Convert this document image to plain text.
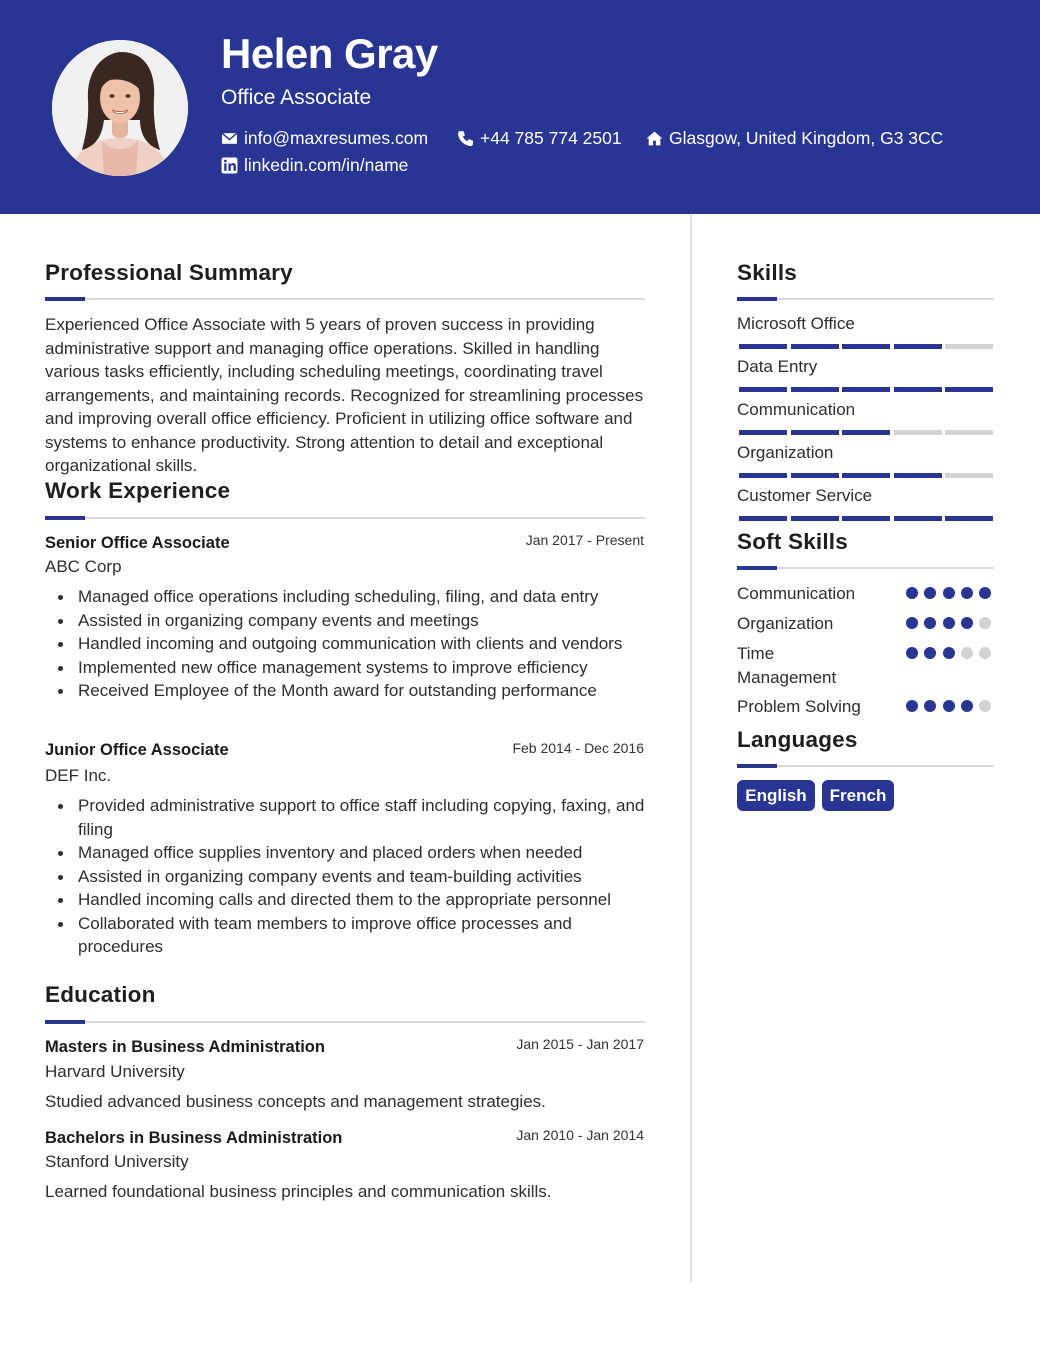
Helen Gray
Office Associate
info@maxresumes.com	+44 785 774 2501	Glasgow, United Kingdom, G3 3CC
linkedin.com/in/name
Professional Summary
Experienced Office Associate with 5 years of proven success in providing administrative support and managing office operations. Skilled in handling various tasks efficiently, including scheduling meetings, coordinating travel arrangements, and maintaining records. Recognized for streamlining processes and improving overall office efficiency. Proficient in utilizing office software and systems to enhance productivity. Strong attention to detail and exceptional organizational skills.
Work Experience
Senior Office Associate	Jan 2017 - Present
ABC Corp
Managed office operations including scheduling, filing, and data entry
Assisted in organizing company events and meetings
Handled incoming and outgoing communication with clients and vendors
Implemented new office management systems to improve efficiency
Received Employee of the Month award for outstanding performance
Junior Office Associate	Feb 2014 - Dec 2016
DEF Inc.
Provided administrative support to office staff including copying, faxing, and filing
Managed office supplies inventory and placed orders when needed
Assisted in organizing company events and team-building activities
Handled incoming calls and directed them to the appropriate personnel
Collaborated with team members to improve office processes and procedures
Education
Masters in Business Administration	Jan 2015 - Jan 2017
Harvard University
Studied advanced business concepts and management strategies.
Bachelors in Business Administration	Jan 2010 - Jan 2014
Stanford University
Learned foundational business principles and communication skills.
Skills
Microsoft Office
Data Entry
Communication
Organization
Customer Service
Soft Skills
Communication
Organization
Time Management
Problem Solving
Languages
English	French
